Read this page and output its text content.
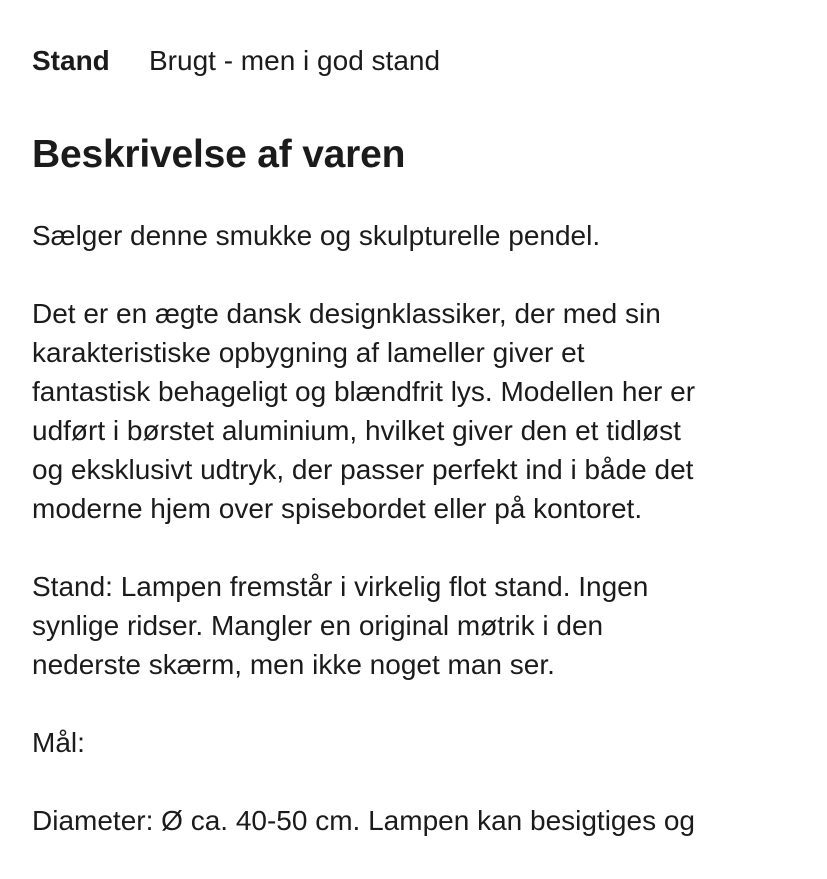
Stand	Brugt - men i god stand
Beskrivelse af varen

Sælger denne smukke og skulpturelle pendel.

Det er en ægte dansk designklassiker, der med sin
karakteristiske opbygning af lameller giver et
fantastisk behageligt og blændfrit lys. Modellen her er
udført i børstet aluminium, hvilket giver den et tidløst
og eksklusivt udtryk, der passer perfekt ind i både det
moderne hjem over spisebordet eller på kontoret.

Stand: Lampen fremstår i virkelig flot stand. Ingen
synlige ridser. Mangler en original møtrik i den
nederste skærm, men ikke noget man ser.

Mål:

Diameter: Ø ca. 40-50 cm. Lampen kan besigtiges og
